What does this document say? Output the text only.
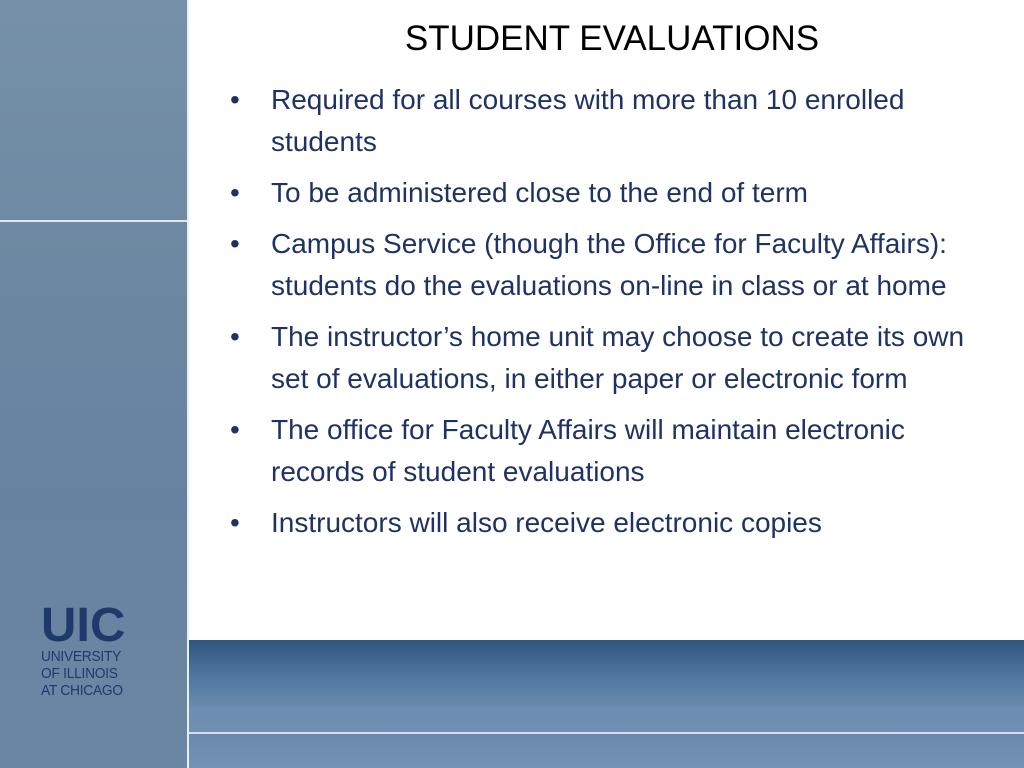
UIC
UNIVERSITY
OF ILLINOIS
AT CHICAGO
STUDENT EVALUATIONS
• Required for all courses with more than 10 enrolled students
• To be administered close to the end of term
• Campus Service (though the Office for Faculty Affairs): students do the evaluations on-line in class or at home
• The instructor’s home unit may choose to create its own set of evaluations, in either paper or electronic form
• The office for Faculty Affairs will maintain electronic records of student evaluations
• Instructors will also receive electronic copies
